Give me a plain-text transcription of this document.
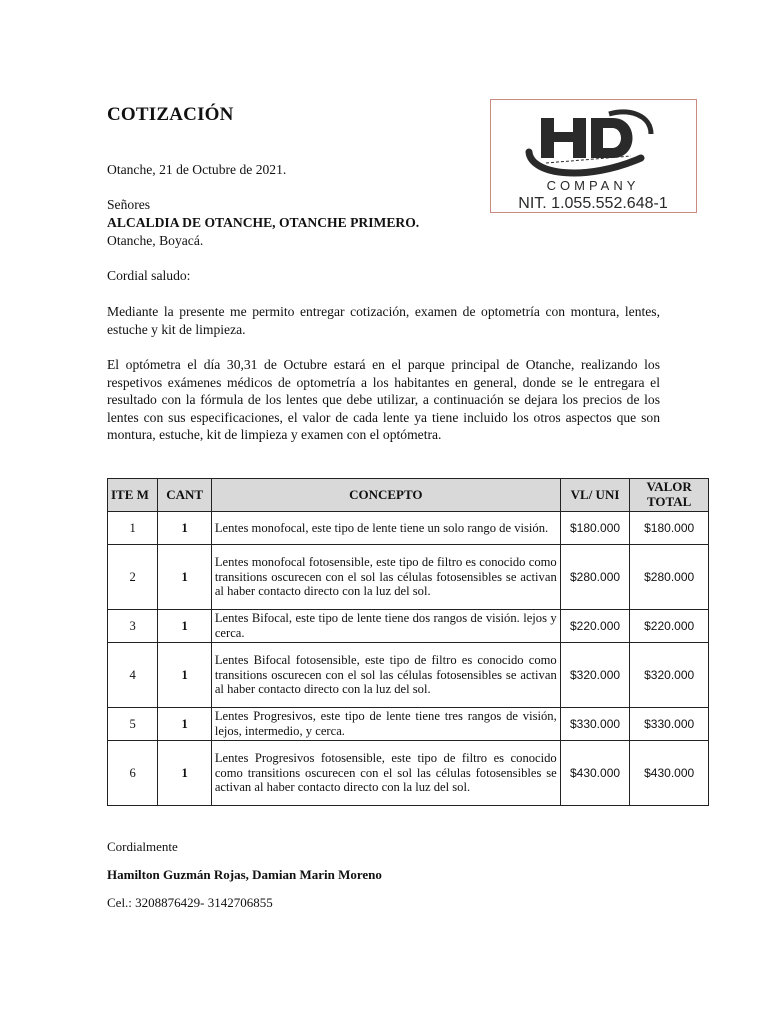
COTIZACIÓN
COMPANY
NIT. 1.055.552.648-1
Otanche, 21 de Octubre de 2021.
Señores
ALCALDIA DE OTANCHE, OTANCHE PRIMERO.
Otanche, Boyacá.
Cordial saludo:
Mediante la presente me permito entregar cotización, examen de optometría con montura, lentes, estuche y kit de limpieza.
El optómetra el día 30,31 de Octubre estará en el parque principal de Otanche, realizando los respetivos exámenes médicos de optometría a los habitantes en general, donde se le entregara el resultado con la fórmula de los lentes que debe utilizar, a continuación se dejara los precios de los lentes con sus especificaciones, el valor de cada lente ya tiene incluido los otros aspectos que son montura, estuche, kit de limpieza y examen con el optómetra.
ITE M	CANT	CONCEPTO	VL/ UNI	VALOR TOTAL
1	1	Lentes monofocal, este tipo de lente tiene un solo rango de visión.	$180.000	$180.000
2	1	Lentes monofocal fotosensible, este tipo de filtro es conocido como transitions oscurecen con el sol las células fotosensibles se activan al haber contacto directo con la luz del sol.	$280.000	$280.000
3	1	Lentes Bifocal, este tipo de lente tiene dos rangos de visión. lejos y cerca.	$220.000	$220.000
4	1	Lentes Bifocal fotosensible, este tipo de filtro es conocido como transitions oscurecen con el sol las células fotosensibles se activan al haber contacto directo con la luz del sol.	$320.000	$320.000
5	1	Lentes Progresivos, este tipo de lente tiene tres rangos de visión, lejos, intermedio, y cerca.	$330.000	$330.000
6	1	Lentes Progresivos fotosensible, este tipo de filtro es conocido como transitions oscurecen con el sol las células fotosensibles se activan al haber contacto directo con la luz del sol.	$430.000	$430.000
Cordialmente
Hamilton Guzmán Rojas, Damian Marin Moreno
Cel.: 3208876429- 3142706855
